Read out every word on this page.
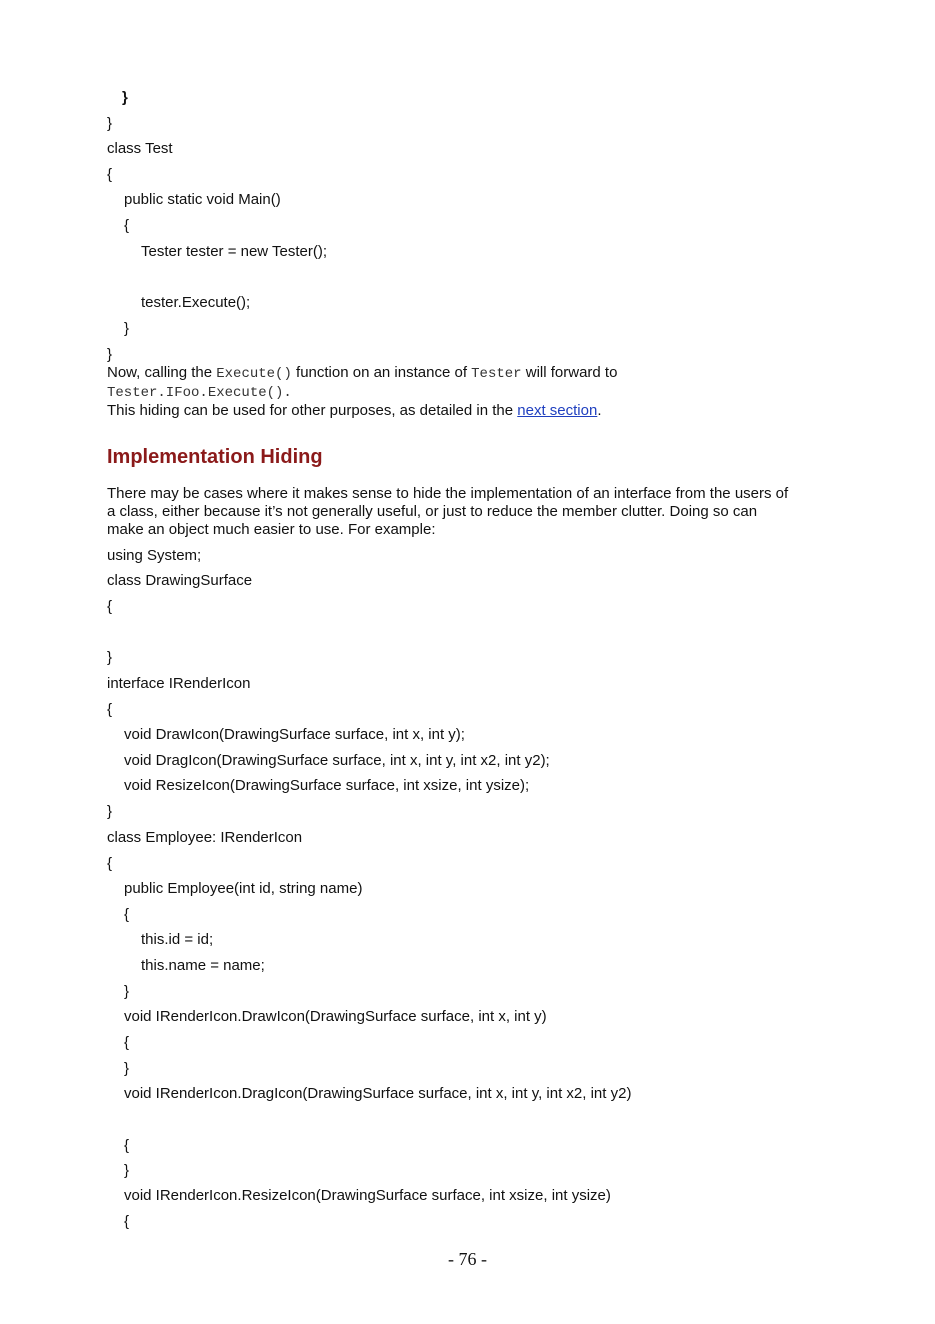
}
}
class Test
{
public static void Main()
{
Tester tester = new Tester();
tester.Execute();
}
}
Now, calling the Execute() function on an instance of Tester will forward to
Tester.IFoo.Execute().
This hiding can be used for other purposes, as detailed in the next section.
Implementation Hiding
There may be cases where it makes sense to hide the implementation of an interface from the users of
a class, either because it’s not generally useful, or just to reduce the member clutter. Doing so can
make an object much easier to use. For example:
using System;
class DrawingSurface
{
}
interface IRenderIcon
{
void DrawIcon(DrawingSurface surface, int x, int y);
void DragIcon(DrawingSurface surface, int x, int y, int x2, int y2);
void ResizeIcon(DrawingSurface surface, int xsize, int ysize);
}
class Employee: IRenderIcon
{
public Employee(int id, string name)
{
this.id = id;
this.name = name;
}
void IRenderIcon.DrawIcon(DrawingSurface surface, int x, int y)
{
}
void IRenderIcon.DragIcon(DrawingSurface surface, int x, int y, int x2, int y2)
{
}
void IRenderIcon.ResizeIcon(DrawingSurface surface, int xsize, int ysize)
{
- 76 -
